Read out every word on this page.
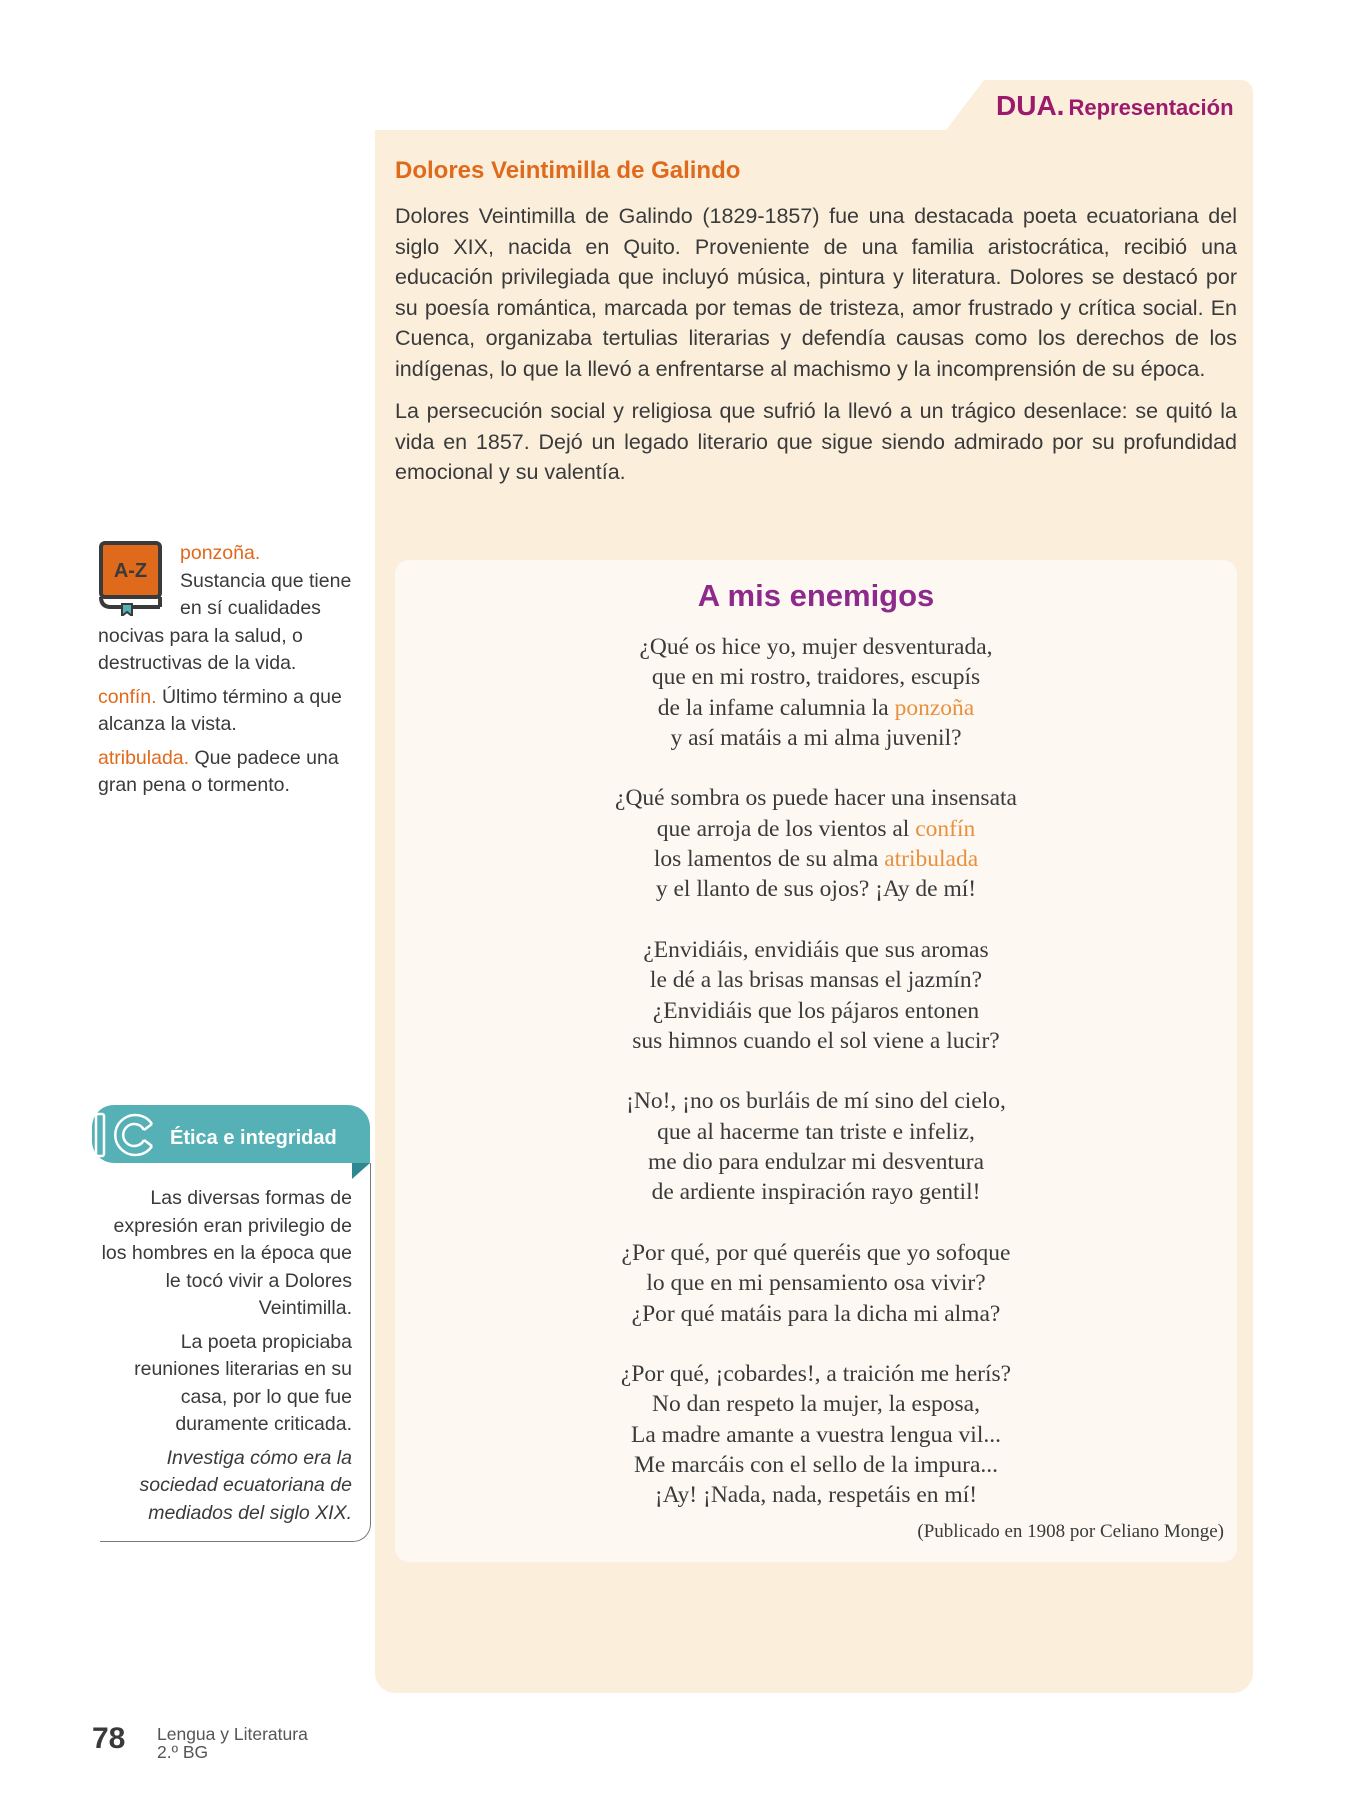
DUA. Representación
Dolores Veintimilla de Galindo

Dolores Veintimilla de Galindo (1829-1857) fue una destacada poeta ecuatoriana del siglo XIX, nacida en Quito. Proveniente de una familia aristocrática, recibió una educación privilegiada que incluyó música, pintura y literatura. Dolores se destacó por su poesía romántica, marcada por temas de tristeza, amor frustrado y crítica social. En Cuenca, organizaba tertulias literarias y defendía causas como los derechos de los indígenas, lo que la llevó a enfrentarse al machismo y la incomprensión de su época.

La persecución social y religiosa que sufrió la llevó a un trágico desenlace: se quitó la vida en 1857. Dejó un legado literario que sigue siendo admirado por su profundidad emocional y su valentía.

A mis enemigos
¿Qué os hice yo, mujer desventurada,
que en mi rostro, traidores, escupís
de la infame calumnia la ponzoña
y así matáis a mi alma juvenil?
¿Qué sombra os puede hacer una insensata
que arroja de los vientos al confín
los lamentos de su alma atribulada
y el llanto de sus ojos? ¡Ay de mí!
¿Envidiáis, envidiáis que sus aromas
le dé a las brisas mansas el jazmín?
¿Envidiáis que los pájaros entonen
sus himnos cuando el sol viene a lucir?
¡No!, ¡no os burláis de mí sino del cielo,
que al hacerme tan triste e infeliz,
me dio para endulzar mi desventura
de ardiente inspiración rayo gentil!
¿Por qué, por qué queréis que yo sofoque
lo que en mi pensamiento osa vivir?
¿Por qué matáis para la dicha mi alma?
¿Por qué, ¡cobardes!, a traición me herís?
No dan respeto la mujer, la esposa,
La madre amante a vuestra lengua vil...
Me marcáis con el sello de la impura...
¡Ay! ¡Nada, nada, respetáis en mí!
(Publicado en 1908 por Celiano Monge)
A-Z
ponzoña.
Sustancia que tiene en sí cualidades nocivas para la salud, o destructivas de la vida.
confín. Último término a que alcanza la vista.
atribulada. Que padece una gran pena o tormento.
Ética e integridad

Las diversas formas de expresión eran privilegio de los hombres en la época que le tocó vivir a Dolores Veintimilla.

La poeta propiciaba reuniones literarias en su casa, por lo que fue duramente criticada.

Investiga cómo era la sociedad ecuatoriana de mediados del siglo XIX.

78 Lengua y Literatura
2.º BG
